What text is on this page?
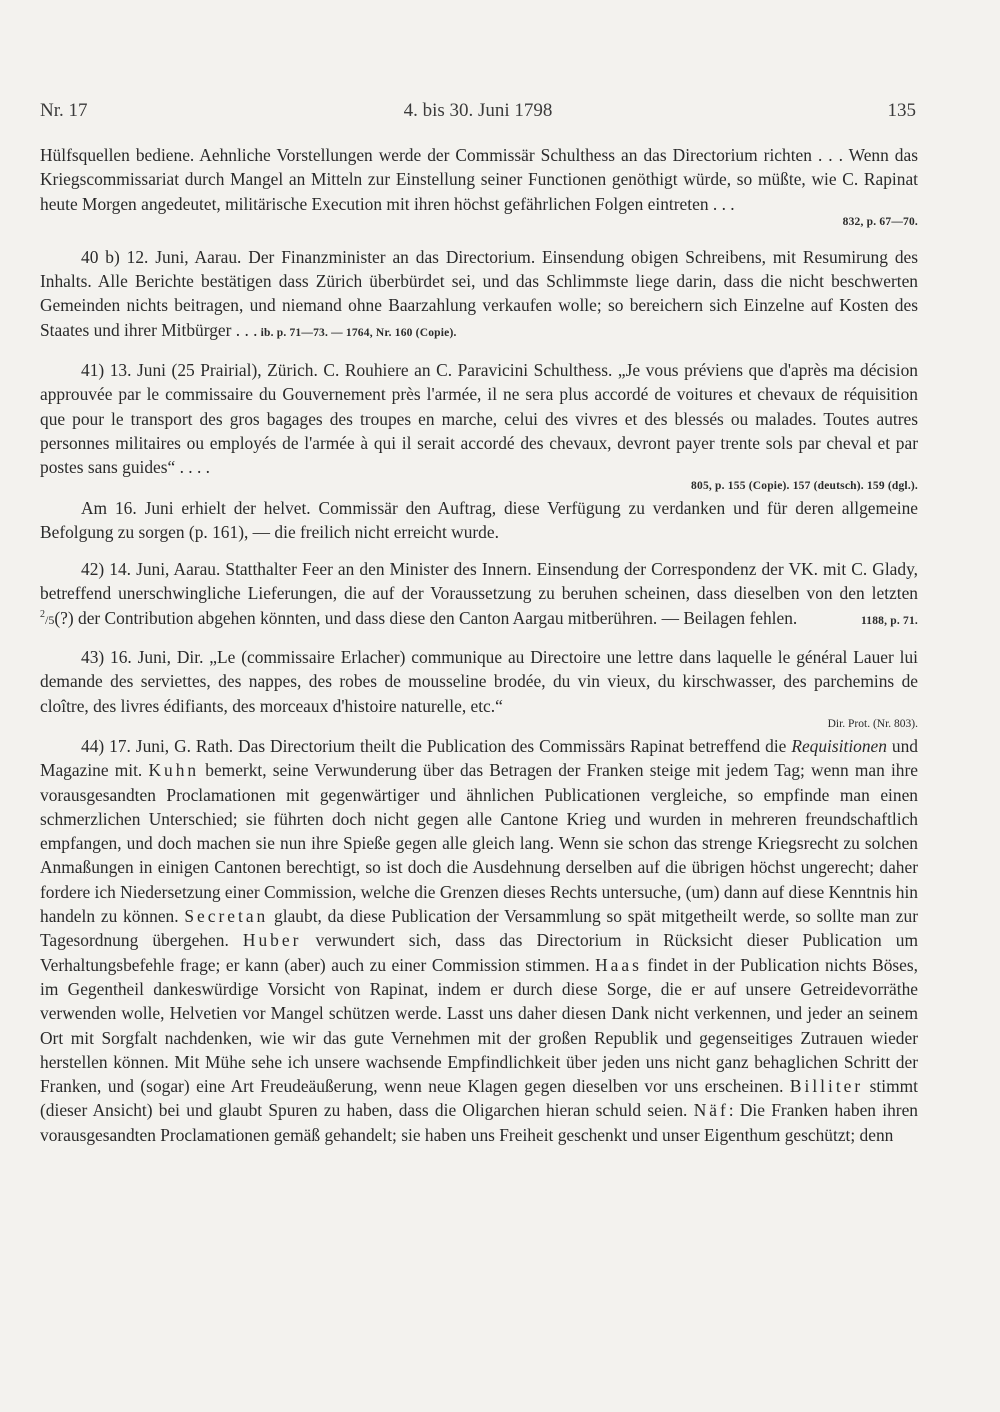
Nr. 17	4. bis 30. Juni 1798	135

Hülfsquellen bediene. Aehnliche Vorstellungen werde der Commissär Schulthess an das Directorium richten . . . Wenn das Kriegscommissariat durch Mangel an Mitteln zur Einstellung seiner Functionen genöthigt würde, so müßte, wie C. Rapinat heute Morgen angedeutet, militärische Execution mit ihren höchst gefährlichen Folgen eintreten . . .
832, p. 67—70.

40 b) 12. Juni, Aarau. Der Finanzminister an das Directorium. Einsendung obigen Schreibens, mit Resumirung des Inhalts. Alle Berichte bestätigen dass Zürich überbürdet sei, und das Schlimmste liege darin, dass die nicht beschwerten Gemeinden nichts beitragen, und niemand ohne Baarzahlung verkaufen wolle; so bereichern sich Einzelne auf Kosten des Staates und ihrer Mitbürger . . . ib. p. 71—73. — 1764, Nr. 160 (Copie).

41) 13. Juni (25 Prairial), Zürich. C. Rouhiere an C. Paravicini Schulthess. „Je vous préviens que d'après ma décision approuvée par le commissaire du Gouvernement près l'armée, il ne sera plus accordé de voitures et chevaux de réquisition que pour le transport des gros bagages des troupes en marche, celui des vivres et des blessés ou malades. Toutes autres personnes militaires ou employés de l'armée à qui il serait accordé des chevaux, devront payer trente sols par cheval et par postes sans guides“ . . . .
805, p. 155 (Copie). 157 (deutsch). 159 (dgl.).

Am 16. Juni erhielt der helvet. Commissär den Auftrag, diese Verfügung zu verdanken und für deren allgemeine Befolgung zu sorgen (p. 161), — die freilich nicht erreicht wurde.

42) 14. Juni, Aarau. Statthalter Feer an den Minister des Innern. Einsendung der Correspondenz der VK. mit C. Glady, betreffend unerschwingliche Lieferungen, die auf der Voraussetzung zu beruhen scheinen, dass dieselben von den letzten $^2$/5(?) der Contribution abgehen könnten, und dass diese den Canton Aargau mitberühren. — Beilagen fehlen.	1188, p. 71.

43) 16. Juni, Dir. „Le (commissaire Erlacher) communique au Directoire une lettre dans laquelle le général Lauer lui demande des serviettes, des nappes, des robes de mousseline brodée, du vin vieux, du kirschwasser, des parchemins de cloître, des livres édifiants, des morceaux d'histoire naturelle, etc.“
Dir. Prot. (Nr. 803).

44) 17. Juni, G. Rath. Das Directorium theilt die Publication des Commissärs Rapinat betreffend die Requisitionen und Magazine mit. Kuhn bemerkt, seine Verwunderung über das Betragen der Franken steige mit jedem Tag; wenn man ihre vorausgesandten Proclamationen mit gegenwärtiger und ähnlichen Publicationen vergleiche, so empfinde man einen schmerzlichen Unterschied; sie führten doch nicht gegen alle Cantone Krieg und wurden in mehreren freundschaftlich empfangen, und doch machen sie nun ihre Spieße gegen alle gleich lang. Wenn sie schon das strenge Kriegsrecht zu solchen Anmaßungen in einigen Cantonen berechtigt, so ist doch die Ausdehnung derselben auf die übrigen höchst ungerecht; daher fordere ich Niedersetzung einer Commission, welche die Grenzen dieses Rechts untersuche, (um) dann auf diese Kenntnis hin handeln zu können. Secretan glaubt, da diese Publication der Versammlung so spät mitgetheilt werde, so sollte man zur Tagesordnung übergehen. Huber verwundert sich, dass das Directorium in Rücksicht dieser Publication um Verhaltungsbefehle frage; er kann (aber) auch zu einer Commission stimmen. Haas findet in der Publication nichts Böses, im Gegentheil dankeswürdige Vorsicht von Rapinat, indem er durch diese Sorge, die er auf unsere Getreidevorräthe verwenden wolle, Helvetien vor Mangel schützen werde. Lasst uns daher diesen Dank nicht verkennen, und jeder an seinem Ort mit Sorgfalt nachdenken, wie wir das gute Vernehmen mit der großen Republik und gegenseitiges Zutrauen wieder herstellen können. Mit Mühe sehe ich unsere wachsende Empfindlichkeit über jeden uns nicht ganz behaglichen Schritt der Franken, und (sogar) eine Art Freudeäußerung, wenn neue Klagen gegen dieselben vor uns erscheinen. Billiter stimmt (dieser Ansicht) bei und glaubt Spuren zu haben, dass die Oligarchen hieran schuld seien. Näf: Die Franken haben ihren vorausgesandten Proclamationen gemäß gehandelt; sie haben uns Freiheit geschenkt und unser Eigenthum geschützt; denn
